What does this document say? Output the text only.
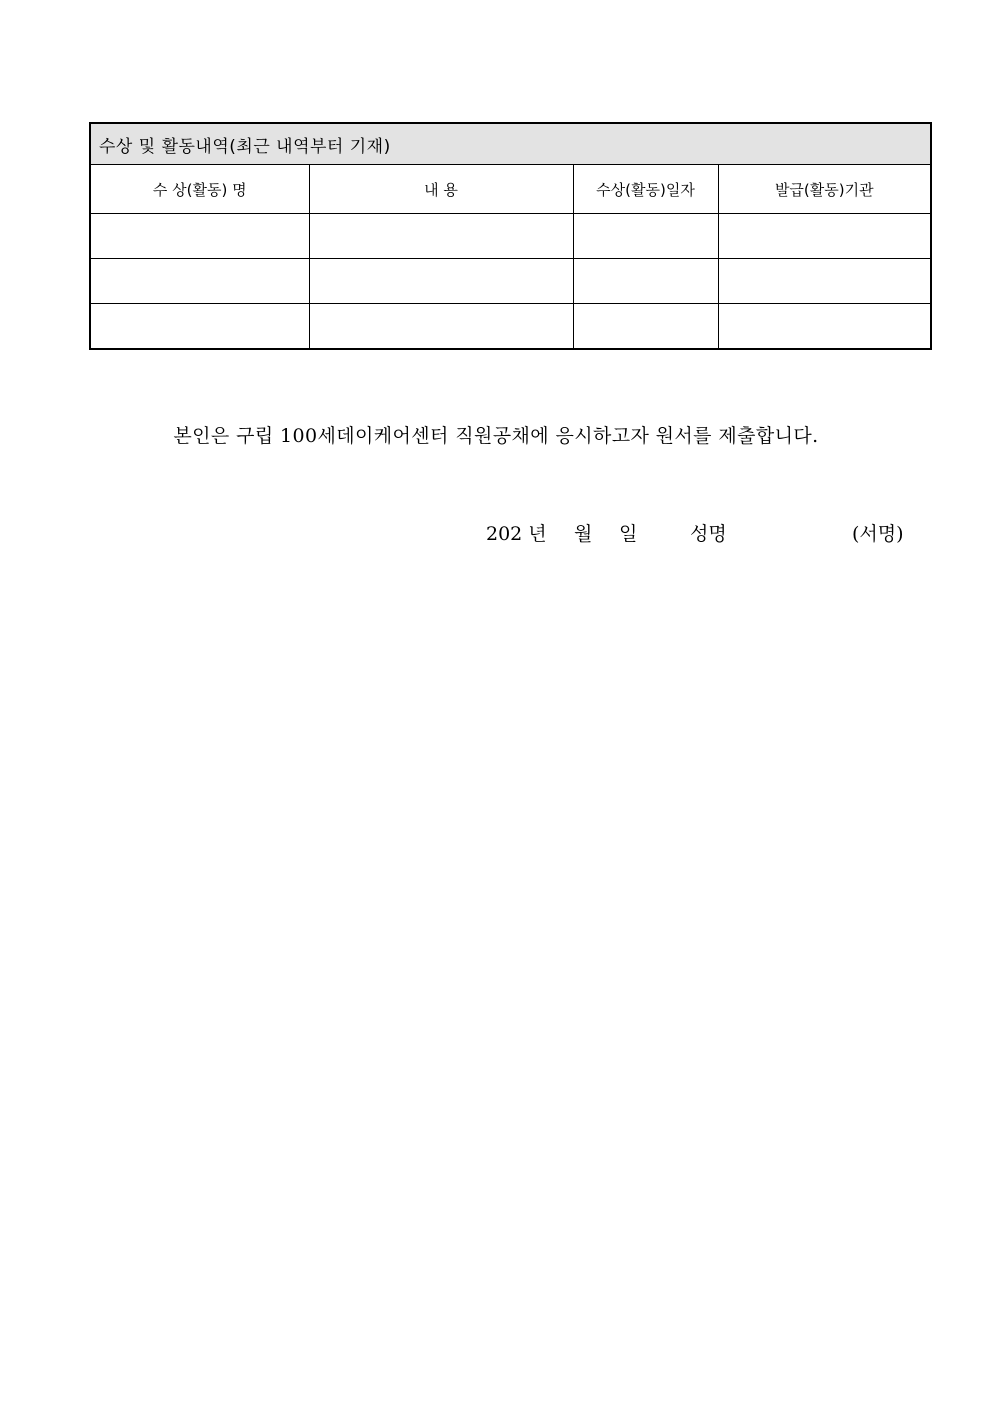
수상 및 활동내역(최근 내역부터 기재)			
수 상(활동) 명	내 용	수상(활동)일자	발급(활동)기관

본인은 구립 100세데이케어센터 직원공채에 응시하고자 원서를 제출합니다.
202 년 월 일	성명	(서명)
